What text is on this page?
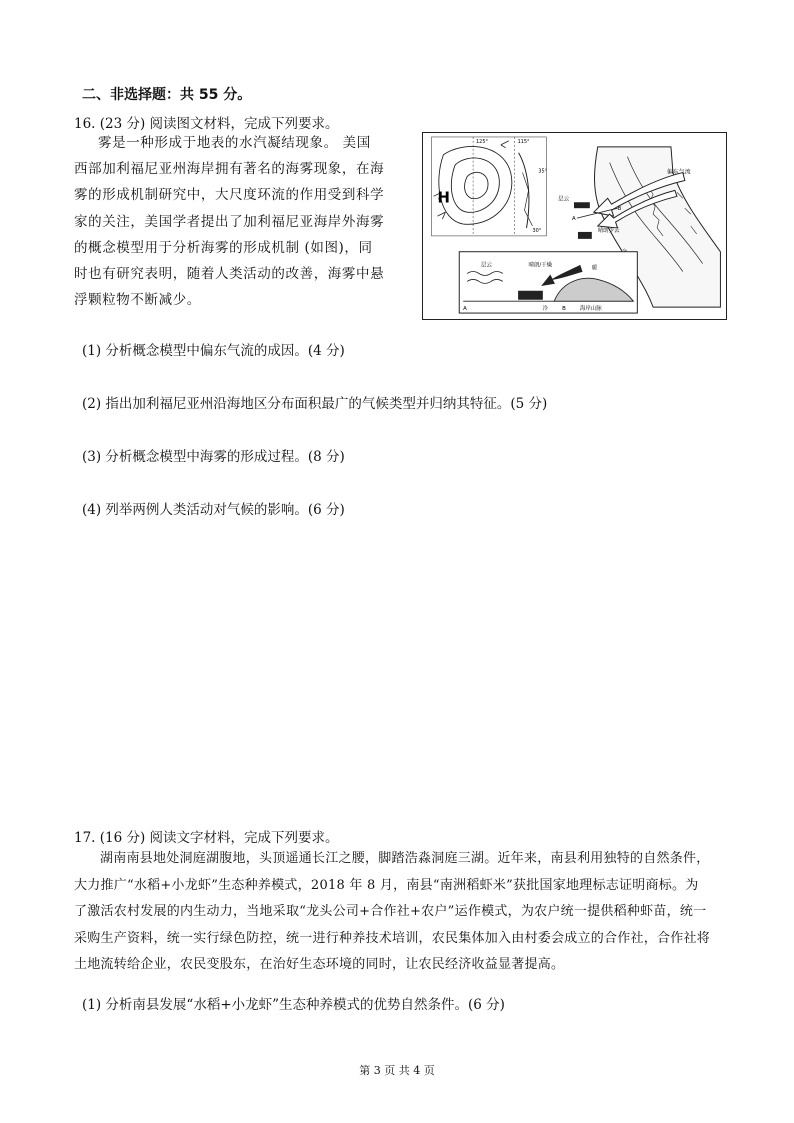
二、非选择题：共 55 分。
16. (23 分) 阅读图文材料，完成下列要求。
雾是一种形成于地表的水汽凝结现象。 美国
西部加利福尼亚州海岸拥有著名的海雾现象，在海
雾的形成机制研究中，大尺度环流的作用受到科学
家的关注，美国学者提出了加利福尼亚海岸外海雾
的概念模型用于分析海雾的形成机制 (如图)，同
时也有研究表明，随着人类活动的改善，海雾中悬
浮颗粒物不断减少。
H
125°	115°
35°
30°
偏东气流
层云
晴朗少云
A
B
层云	晴朗/干燥	暖
冷	海岸山脉
A	B
(1) 分析概念模型中偏东气流的成因。(4 分)
(2) 指出加利福尼亚州沿海地区分布面积最广的气候类型并归纳其特征。(5 分)
(3) 分析概念模型中海雾的形成过程。(8 分)
(4) 列举两例人类活动对气候的影响。(6 分)
17. (16 分) 阅读文字材料，完成下列要求。
湖南南县地处洞庭湖腹地，头顶遥通长江之腰，脚踏浩淼洞庭三湖。近年来，南县利用独特的自然条件，
大力推广“水稻+小龙虾”生态种养模式，2018 年 8 月，南县“南洲稻虾米”获批国家地理标志证明商标。为
了激活农村发展的内生动力，当地采取“龙头公司+合作社+农户”运作模式，为农户统一提供稻种虾苗，统一
采购生产资料，统一实行绿色防控，统一进行种养技术培训，农民集体加入由村委会成立的合作社，合作社将
土地流转给企业，农民变股东，在治好生态环境的同时，让农民经济收益显著提高。
(1) 分析南县发展“水稻+小龙虾”生态种养模式的优势自然条件。(6 分)
第 3 页 共 4 页
